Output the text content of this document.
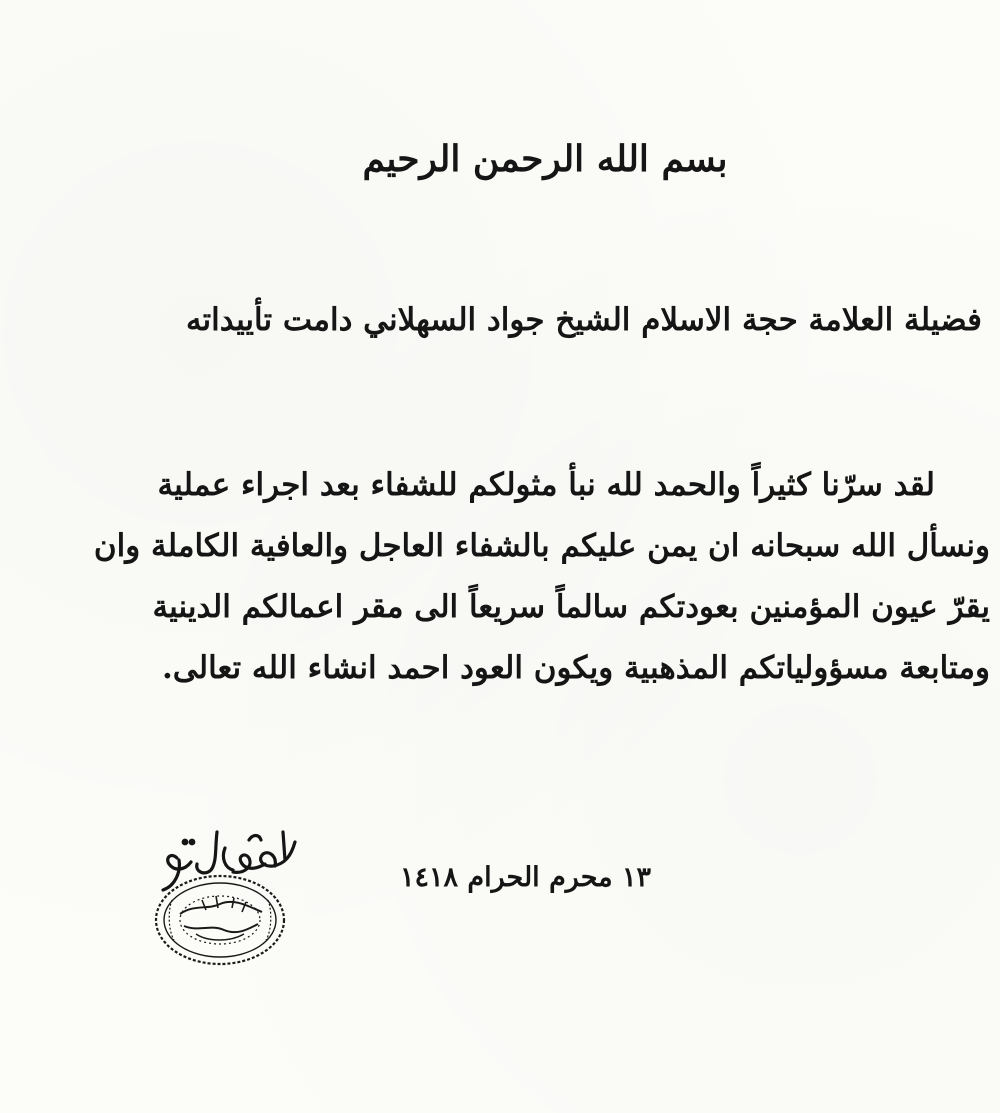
بسم الله الرحمن الرحيم
فضيلة العلامة حجة الاسلام الشيخ جواد السهلاني دامت تأييداته
لقد سرّنا كثيراً والحمد لله نبأ مثولكم للشفاء بعد اجراء عملية
ونسأل الله سبحانه ان يمن عليكم بالشفاء العاجل والعافية الكاملة وان
يقرّ عيون المؤمنين بعودتكم سالماً سريعاً الى مقر اعمالكم الدينية
ومتابعة مسؤولياتكم المذهبية ويكون العود احمد انشاء الله تعالى.
١٣ محرم الحرام ١٤١٨
